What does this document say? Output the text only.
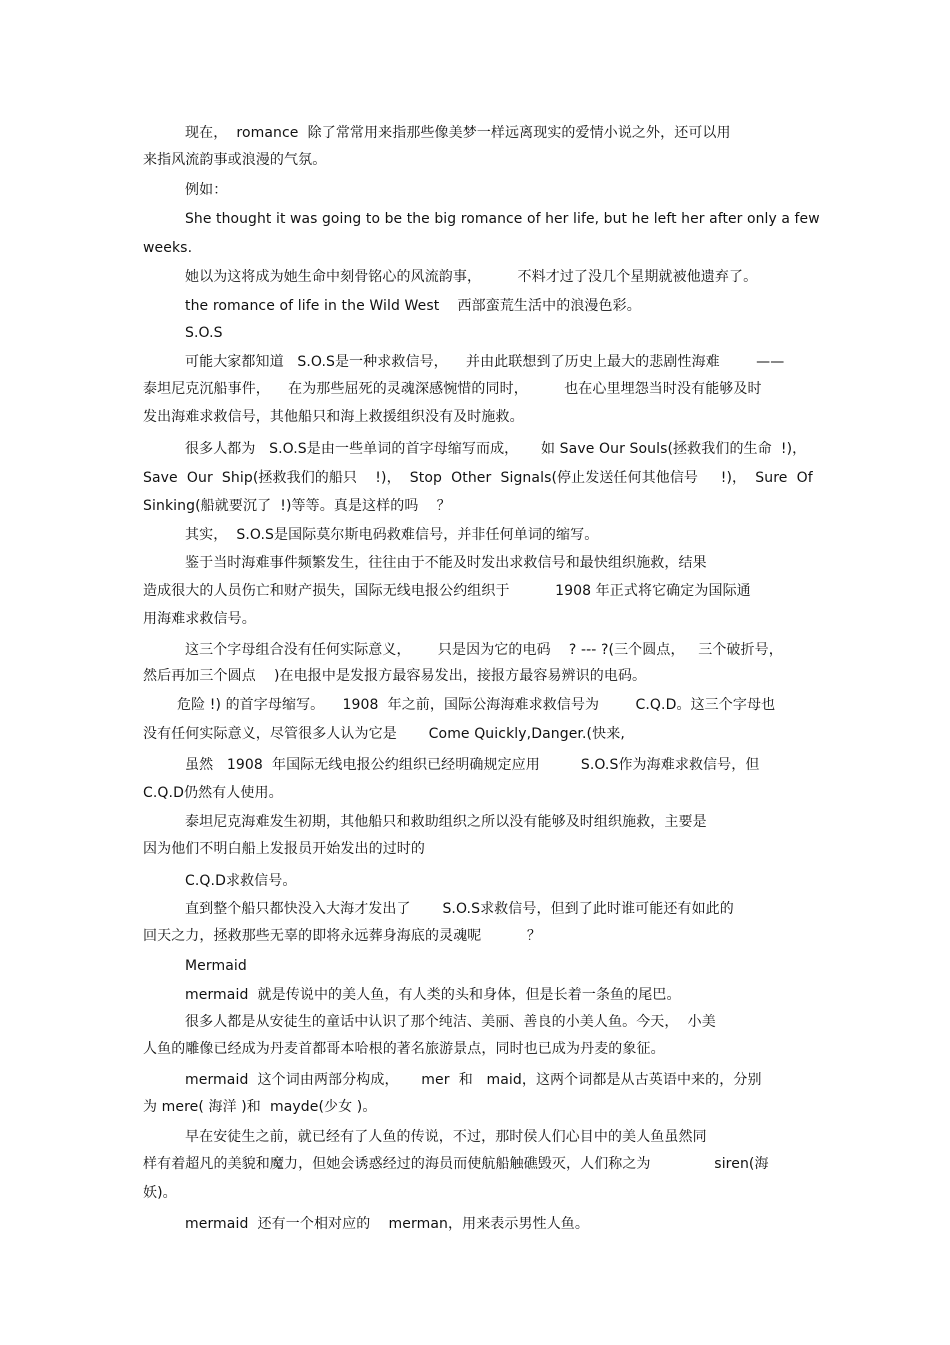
现在，  romance  除了常常用来指那些像美梦一样远离现实的爱情小说之外，还可以用

来指风流韵事或浪漫的气氛。

例如：

She thought it was going to be the big romance of her life, but he left her after only a few

weeks.

她以为这将成为她生命中刻骨铭心的风流韵事，        不料才过了没几个星期就被他遗弃了。

the romance of life in the Wild West    西部蛮荒生活中的浪漫色彩。

S.O.S

可能大家都知道   S.O.S是一种求救信号，    并由此联想到了历史上最大的悲剧性海难        ——

泰坦尼克沉船事件，    在为那些屈死的灵魂深感惋惜的同时，        也在心里埋怨当时没有能够及时

发出海难求救信号，其他船只和海上救援组织没有及时施救。

很多人都为   S.O.S是由一些单词的首字母缩写而成，     如 Save Our Souls(拯救我们的生命  !)，

Save  Our  Ship(拯救我们的船只    !)，  Stop  Other  Signals(停止发送任何其他信号     !)，  Sure  Of

Sinking(船就要沉了  !)等等。真是这样的吗    ？

其实，  S.O.S是国际莫尔斯电码救难信号，并非任何单词的缩写。

鉴于当时海难事件频繁发生，往往由于不能及时发出求救信号和最快组织施救，结果

造成很大的人员伤亡和财产损失，国际无线电报公约组织于          1908 年正式将它确定为国际通

用海难求救信号。

这三个字母组合没有任何实际意义，      只是因为它的电码    ? --- ?(三个圆点，   三个破折号，

然后再加三个圆点    )在电报中是发报方最容易发出，接报方最容易辨识的电码。

危险 !) 的首字母缩写。    1908  年之前，国际公海海难求救信号为        C.Q.D。这三个字母也

没有任何实际意义，尽管很多人认为它是       Come Quickly,Danger.(快来,

虽然   1908  年国际无线电报公约组织已经明确规定应用         S.O.S作为海难求救信号，但

C.Q.D仍然有人使用。

泰坦尼克海难发生初期，其他船只和救助组织之所以没有能够及时组织施救，主要是

因为他们不明白船上发报员开始发出的过时的

C.Q.D求救信号。

直到整个船只都快没入大海才发出了       S.O.S求救信号，但到了此时谁可能还有如此的

回天之力，拯救那些无辜的即将永远葬身海底的灵魂呢          ？

Mermaid

mermaid  就是传说中的美人鱼，有人类的头和身体，但是长着一条鱼的尾巴。

很多人都是从安徒生的童话中认识了那个纯洁、美丽、善良的小美人鱼。今天，  小美

人鱼的雕像已经成为丹麦首都哥本哈根的著名旅游景点，同时也已成为丹麦的象征。

mermaid  这个词由两部分构成，     mer  和   maid，这两个词都是从古英语中来的，分别

为 mere( 海洋 )和  mayde(少女 )。

早在安徒生之前，就已经有了人鱼的传说，不过，那时侯人们心目中的美人鱼虽然同

样有着超凡的美貌和魔力，但她会诱惑经过的海员而使航船触礁毁灭，人们称之为              siren(海

妖)。

mermaid  还有一个相对应的    merman，用来表示男性人鱼。
